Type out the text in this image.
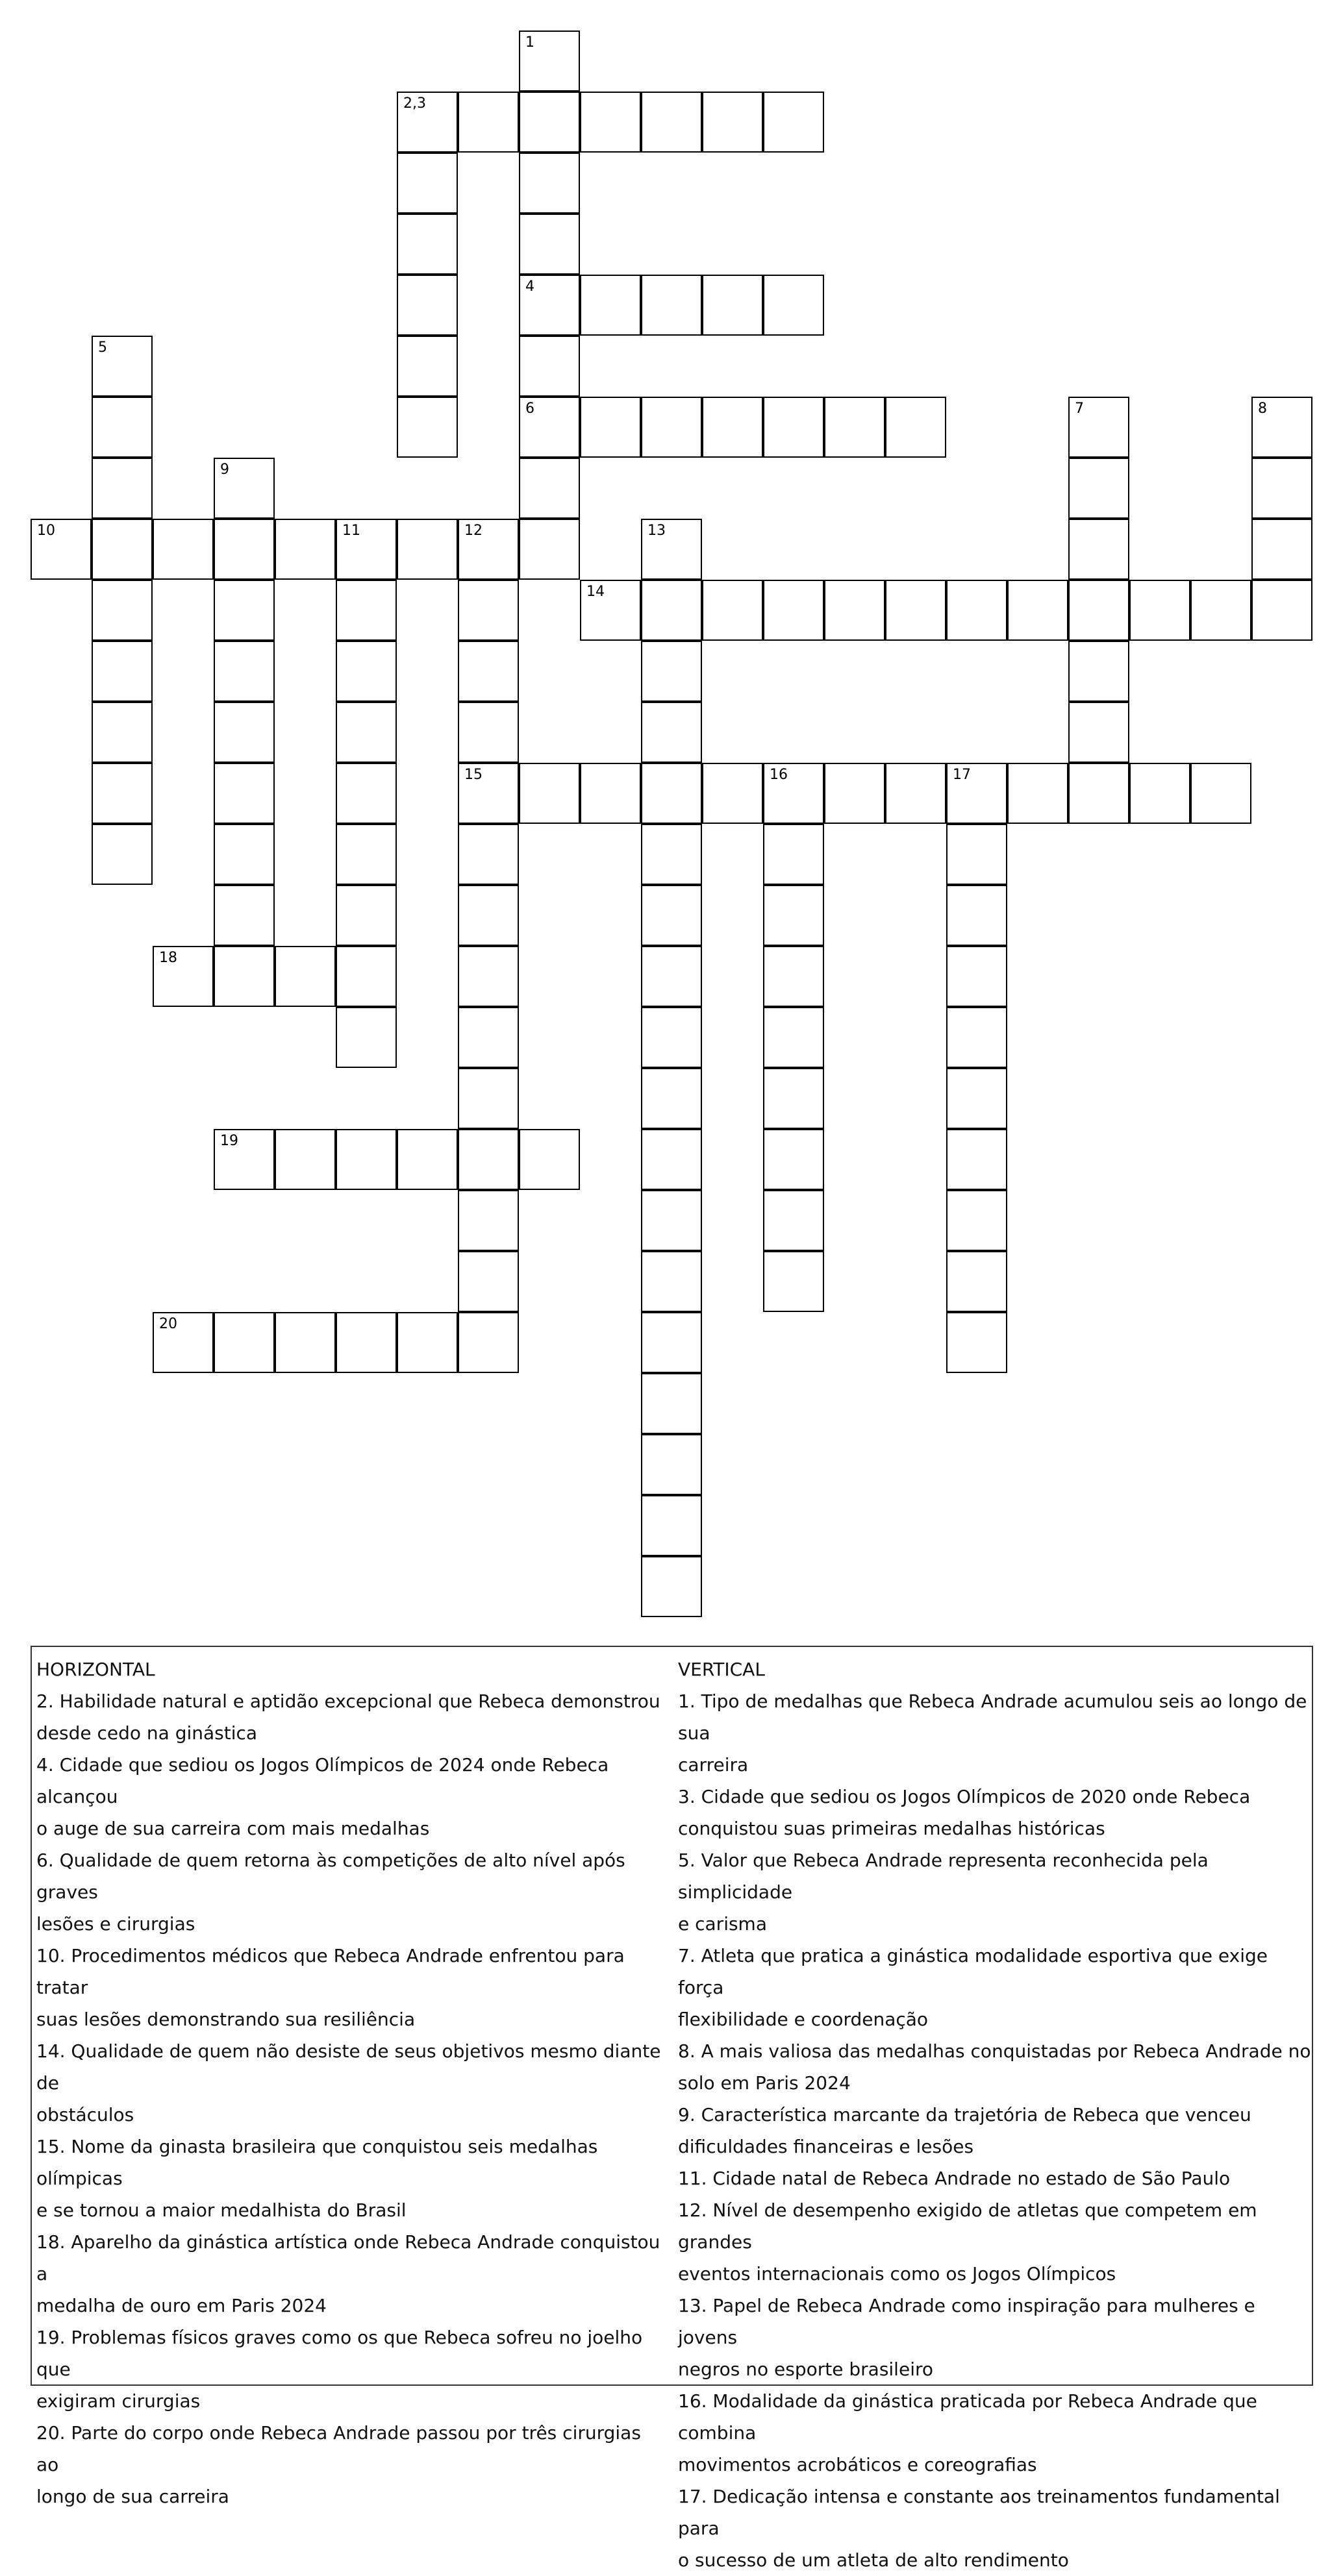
1
2,3
4
5
6	7	8
9
10	11	12	13
14
15	16	17
18
19
20
HORIZONTAL
2. Habilidade natural e aptidão excepcional que Rebeca demonstrou
desde cedo na ginástica
4. Cidade que sediou os Jogos Olímpicos de 2024 onde Rebeca alcançou
o auge de sua carreira com mais medalhas
6. Qualidade de quem retorna às competições de alto nível após graves
lesões e cirurgias
10. Procedimentos médicos que Rebeca Andrade enfrentou para tratar
suas lesões demonstrando sua resiliência
14. Qualidade de quem não desiste de seus objetivos mesmo diante de
obstáculos
15. Nome da ginasta brasileira que conquistou seis medalhas olímpicas
e se tornou a maior medalhista do Brasil
18. Aparelho da ginástica artística onde Rebeca Andrade conquistou a
medalha de ouro em Paris 2024
19. Problemas físicos graves como os que Rebeca sofreu no joelho que
exigiram cirurgias
20. Parte do corpo onde Rebeca Andrade passou por três cirurgias ao
longo de sua carreira
VERTICAL
1. Tipo de medalhas que Rebeca Andrade acumulou seis ao longo de sua
carreira
3. Cidade que sediou os Jogos Olímpicos de 2020 onde Rebeca
conquistou suas primeiras medalhas históricas
5. Valor que Rebeca Andrade representa reconhecida pela simplicidade
e carisma
7. Atleta que pratica a ginástica modalidade esportiva que exige força
flexibilidade e coordenação
8. A mais valiosa das medalhas conquistadas por Rebeca Andrade no
solo em Paris 2024
9. Característica marcante da trajetória de Rebeca que venceu
dificuldades financeiras e lesões
11. Cidade natal de Rebeca Andrade no estado de São Paulo
12. Nível de desempenho exigido de atletas que competem em grandes
eventos internacionais como os Jogos Olímpicos
13. Papel de Rebeca Andrade como inspiração para mulheres e jovens
negros no esporte brasileiro
16. Modalidade da ginástica praticada por Rebeca Andrade que combina
movimentos acrobáticos e coreografias
17. Dedicação intensa e constante aos treinamentos fundamental para
o sucesso de um atleta de alto rendimento
